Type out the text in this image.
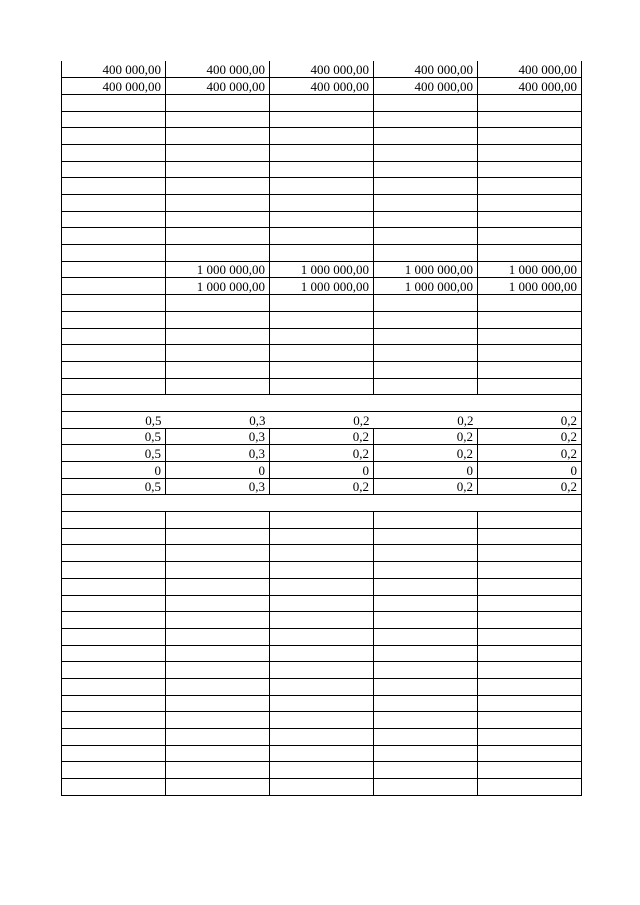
400 000,00	400 000,00	400 000,00	400 000,00	400 000,00
400 000,00	400 000,00	400 000,00	400 000,00	400 000,00

	1 000 000,00	1 000 000,00	1 000 000,00	1 000 000,00
	1 000 000,00	1 000 000,00	1 000 000,00	1 000 000,00

0,5	0,3	0,2	0,2	0,2
0,5	0,3	0,2	0,2	0,2
0,5	0,3	0,2	0,2	0,2
0	0	0	0	0
0,5	0,3	0,2	0,2	0,2
